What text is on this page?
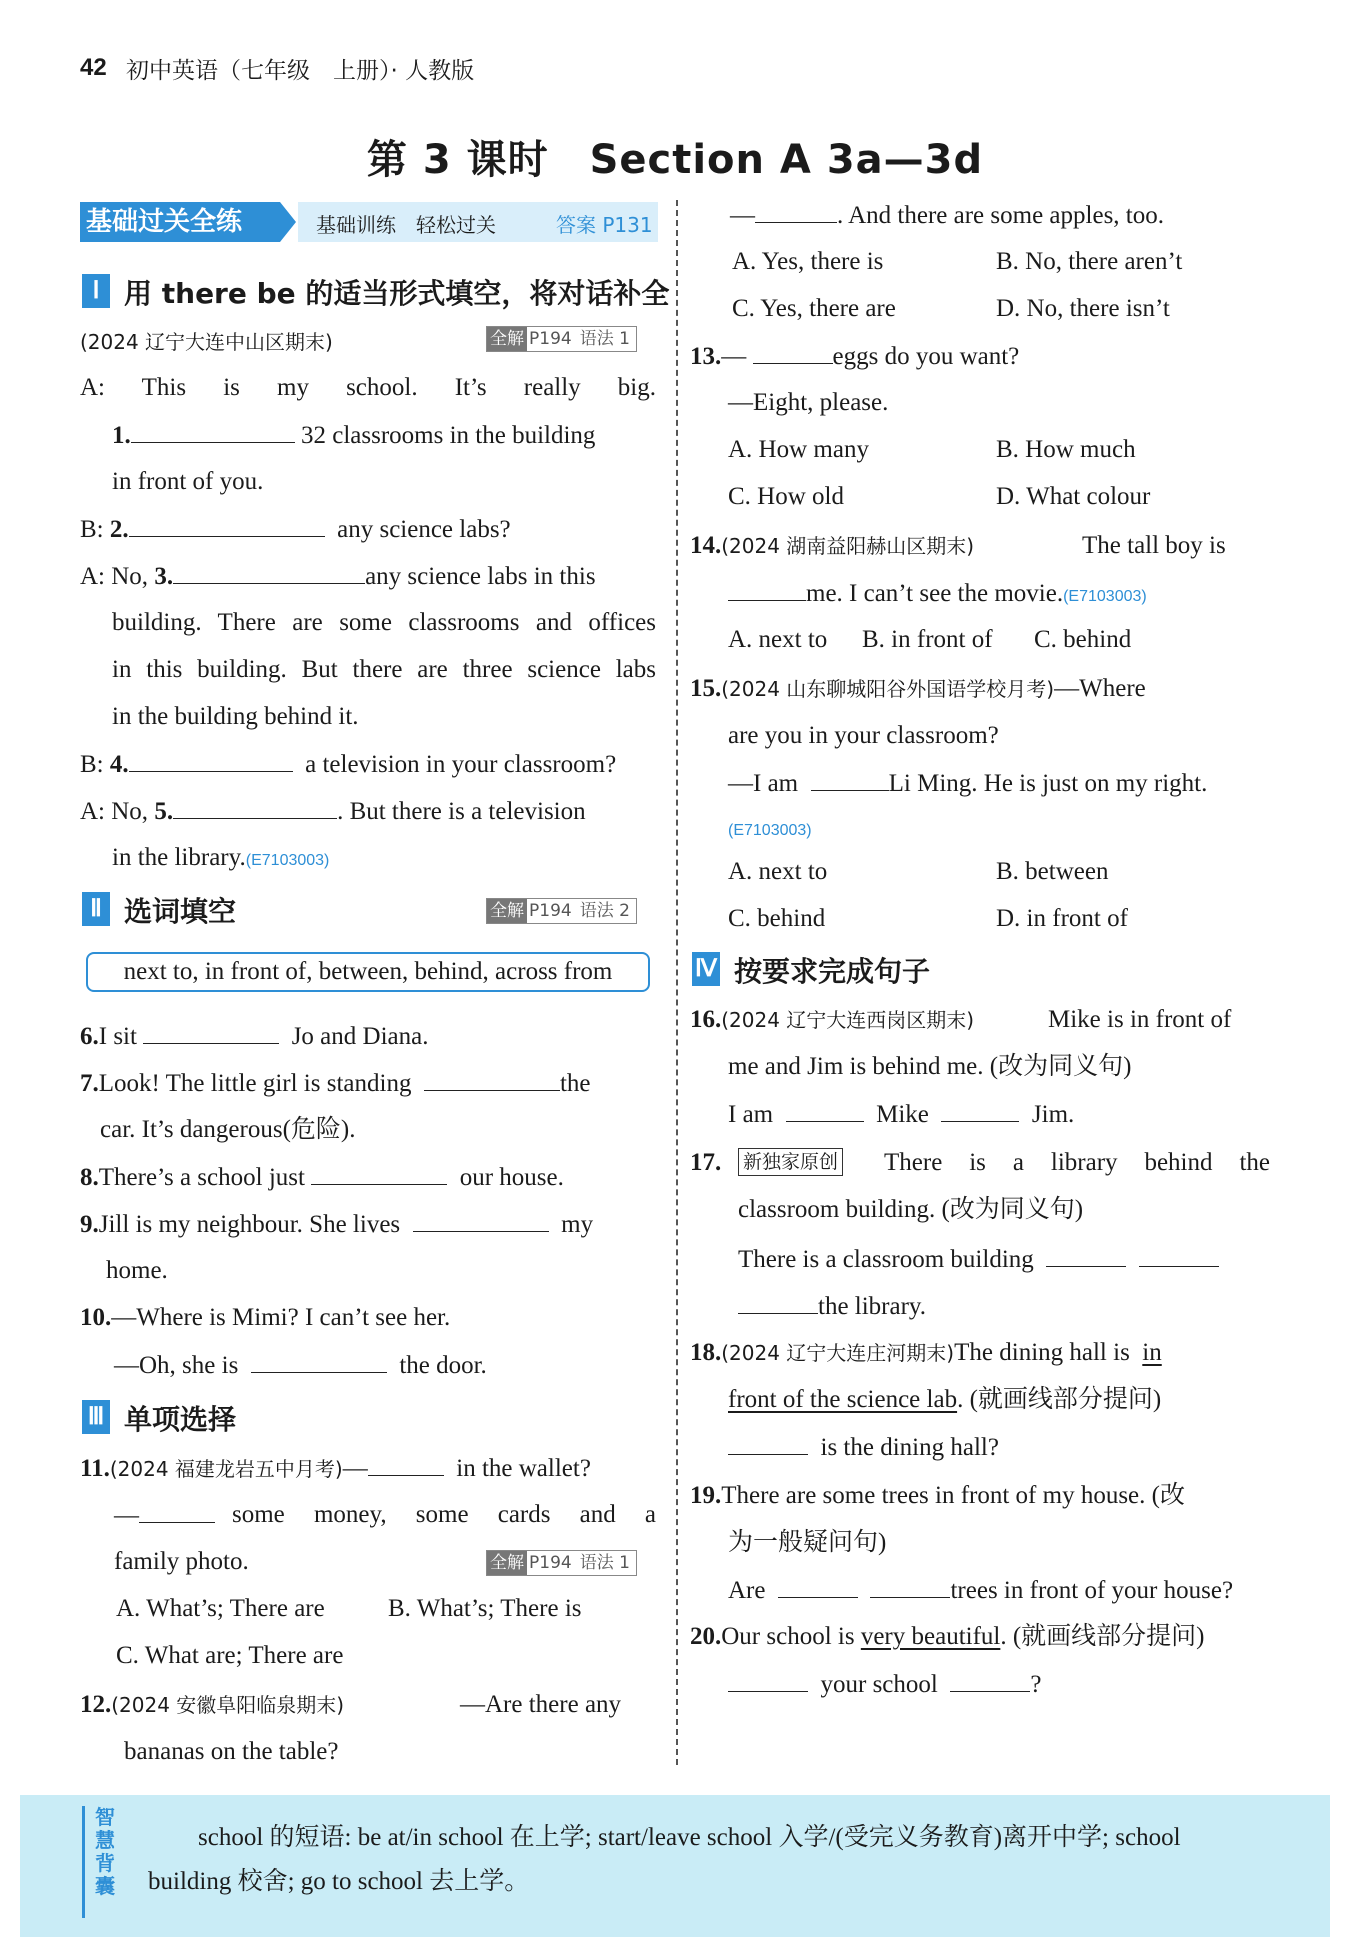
42 初中英语（七年级　上册）· 人教版
第 3 课时　Section A 3a—3d
基础过关全练	基础训练　轻松过关	答案 P131
Ⅰ 用 there be 的适当形式填空，将对话补全
(2024 辽宁大连中山区期末)	全解 P194 语法 1
A: This is my school. It’s really big.
1.	32 classrooms in the building
in front of you.
B: 2.	any science labs?
A: No, 3.	any science labs in this
building. There are some classrooms and offices
in this building. But there are three science labs
in the building behind it.
B: 4.	a television in your classroom?
A: No, 5.	. But there is a television
in the library.(E7103003)
Ⅱ 选词填空	全解 P194 语法 2
next to, in front of, between, behind, across from
6.I sit	Jo and Diana.
7.Look! The little girl is standing	the
car. It’s dangerous(危险).
8.There’s a school just	our house.
9.Jill is my neighbour. She lives	my
home.
10.—Where is Mimi? I can’t see her.
—Oh, she is	the door.
Ⅲ 单项选择
11.(2024 福建龙岩五中月考)—	in the wallet?
—	some money, some cards and a
family photo.	全解 P194 语法 1
A. What’s; There are	B. What’s; There is
C. What are; There are
12.(2024 安徽阜阳临泉期末)	—Are there any
bananas on the table?
—	. And there are some apples, too.
A. Yes, there is	B. No, there aren’t
C. Yes, there are	D. No, there isn’t
13.—	eggs do you want?
—Eight, please.
A. How many	B. How much
C. How old	D. What colour
14.(2024 湖南益阳赫山区期末)	The tall boy is
me. I can’t see the movie.(E7103003)
A. next to B. in front of C. behind
15.(2024 山东聊城阳谷外国语学校月考)—Where
are you in your classroom?
—I am	Li Ming. He is just on my right.
(E7103003)
A. next to	B. between
C. behind	D. in front of
Ⅳ 按要求完成句子
16.(2024 辽宁大连西岗区期末)	Mike is in front of
me and Jim is behind me. (改为同义句)
I am	Mike	Jim.
17. 新独家原创 There is a library behind the
classroom building. (改为同义句)
There is a classroom building
the library.
18.(2024 辽宁大连庄河期末)The dining hall is in
front of the science lab. (就画线部分提问)
is the dining hall?
19.There are some trees in front of my house. (改
为一般疑问句)
Are	trees in front of your house?
20.Our school is very beautiful. (就画线部分提问)
your school	?
智慧背囊
school 的短语: be at/in school 在上学; start/leave school 入学/(受完义务教育)离开中学; school
building 校舍; go to school 去上学。
